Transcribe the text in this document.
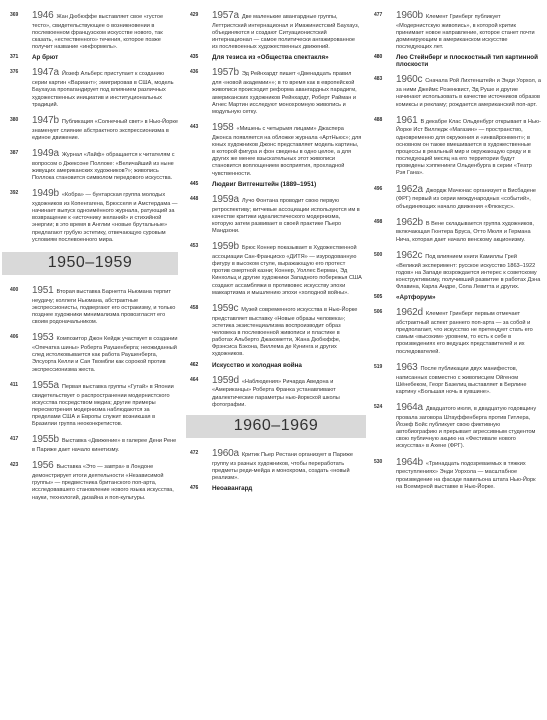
369	1946 Жан Дюбюффе выставляет свое «густое тесто», свидетельствующее о возникновении в послевоенном французском искусстве нового, так сказать, «естественного» течения, которое позже получит название «информель».
371	Ар брют
376	1947а Йозеф Альберс приступает к созданию серии картин «Вариант»; эмигрировав в США, модель Баухауза пропагандирует под влиянием различных художественных инициатив и институциональных традиций.
380	1947b Публикация «Солнечный свет» в Нью-Йорке знаменует слияние абстрактного экспрессионизма в единое движение.
387	1949а Журнал «Лайф» обращается к читателям с вопросом о Джексоне Поллоке: «Величайший из ныне живущих американских художников?»; живопись Поллока становится символом передового искусства.
392	1949b «Кобра» — бунтарская группа молодых художников из Копенгагена, Брюсселя и Амстердама — начинает выпуск одноимённого журнала, ратующий за возвращение к «источнику желаний» и стихийной энергии; в это время в Англии «новые брутальные» предлагают грубую эстетику, отвечающую суровым условиям послевоенного мира.
1950–1959
400	1951 Вторая выставка Барнетта Ньюмана терпит неудачу; коллеги Ньюмана, абстрактные экспрессионисты, подвергают его остракизму, и только позднее художники минимализма провозгласят его своим родоначальником.
406	1953 Композитор Джон Кейдж участвует в создании «Опечатка шины» Роберта Раушенберга; неожиданный след истолковывается как работа Раушенберга, Элсуорта Келли и Сая Твомбли как сорокой против экспрессионизма жеста.
411	1955а Первая выставка группы «Гутай» в Японии свидетельствует о распространении модернистского искусства посредством медиа; другие примеры пересмотрения модернизма наблюдаются за пределами США и Европы служит возникшая в Бразилии группа неоконкретистов.
417	1955b Выставка «Движение» в галерее Дени Рене в Париже дает начало кинетизму.
423	1956 Выставка «Это — завтра» в Лондоне демонстрирует итоги деятельности «Независимой группы» — предвестника британского поп-арта, исследовавшего становление нового языка искусства, науки, технологий, дизайна и поп-культуры.
429	1957а Две маленькие авангардные группы, Леттристский интернационал и Имажинистский Баухауз, объединяются и создают Ситуационистский интернационал — самое политически ангажированное из послевоенных художественных движений.
435	Для тезиса из «Общества спектакля»
436	1957b Эд Рейнхардт пишет «Двенадцать правил для «новой академии»»; в то время как в европейской живописи происходит реформа авангардных парадигм, американских художников Рейнхардт, Роберт Райман и Агнес Мартин исследуют монохромную живопись и модульную сетку.
443	1958 «Мишень с четырьмя лицами» Джаспера Джонса появляется на обложке журнала «АртНьюс»; для юных художников Джонс представляет модель картины, в которой фигура и фон сведены в одно целое, а для других же менее взыскательных этот живописи становится воплощением восприятия, прохладной чувственности.
445	Людвиг Витгенштейн (1889–1951)
448	1959а Лучо Фонтана проводит свою первую ретроспективу; китчевые ассоциации используются им в качестве критики идеалистического модернизма, которую затем развивает в своей практике Пьеро Мандзони.
453	1959b Брюс Коннер показывает в Художественной ассоциации Сан-Франциско «ДИТЯ» — изуродованную фигуру в высоком стуле, выражающую его протест против смертной казни; Коннер, Уоллес Берман, Эд Кинхольц и другие художники Западного побережья США создают ассамбляжи в противовес искусству эпохи маккартизма и мышлению эпохи «холодной войны».
458	1959с Музей современного искусства в Нью-Йорке представляет выставку «Новые образы человека»; эстетика экзистенциализма воспроизводит образ человека в послевоенной живописи и пластике в работах Альберто Джакометти, Жана Дюбюффе, Фрэнсиса Бэкона, Виллема де Кунинга и других художников.
462	Искусство и холодная война
464	1959d «Наблюдения» Ричарда Аведона и «Американцы» Роберта Франка устанавливают диалектические параметры нью-йоркской школы фотографии.
1960–1969
472	1960а Критик Пьер Рестани организует в Париже группу из разных художников, чтобы переработать предметы реди-мейда и монохрома, создать «новый реализм».
476	Неоавангард
477	1960b Клемент Гринберг публикует «Модернистскую живопись», в которой критик принимает новое направление, которое станет почти доминирующим в американском искусстве последующих лет.
480	Лео Стейнберг и плоскостный тип картинной плоскости
483	1960с Сначала Рой Лихтенштейн и Энди Уорхол, а за ними Джеймс Розенквист, Эд Руше и другие начинают использовать в качестве источников образов комиксы и рекламу; рождается американский поп-арт.
488	1961 В декабре Клас Ольденбург открывает в Нью-Йорке Ист Вилледж «Магазин» — пространство, одновременно для окружения и «инвайронмент»; в основном он также вмешивается в художественные процессы в реальный мир и окружающую среду и в последующий месяц на его территории будут проведены хэппенинги Ольденбурга в серии «Театр Рэя Гана».
496	1962а Джордж Мачюнас организует в Висбадене (ФРГ) первый из серии международных «событий», объединяющих начало движения «Флюксус».
498	1962b В Вене складывается группа художников, включающая Гюнтера Бруса, Отто Мюля и Германа Нича, которая дает начало венскому акционизму.
500	1962с Под влиянием книги Камиллы Грей «Великий эксперимент: русское искусство 1863–1922 годов» на Западе возрождается интерес к советскому конструктивизму, получивший развитие в работах Дэна Флавина, Карла Андре, Сола Левитта и других.
505	«Артфорум»
506	1962d Клемент Гринберг первым отмечает абстрактный аспект раннего поп-арта — за собой и предполагает, что искусство не претендует стать его самым «высоким» уровнем, то есть к себе в произведениях его ведущих представителей и их последователей.
519	1963 После публикации двух манифестов, написанных совместно с живописцем Ойгеном Шёнебеком, Георг Базелиц выставляет в Берлине картину «Большая ночь в кувшине».
524	1964а Двадцатого июля, в двадцатую годовщину провала заговора Штауффенберга против Гитлера, Йозеф Бойс публикует свою фиктивную автобиографию и прерывает агрессивным студентом свою публичную акцию на «Фестивале нового искусства» в Ахене (ФРГ).
530	1964b «Тринадцать подозреваемых в тяжких преступлениях» Энди Уорхола — масштабное произведение на фасаде павильона штата Нью-Йорк на Всемирной выставке в Нью-Йорке.
